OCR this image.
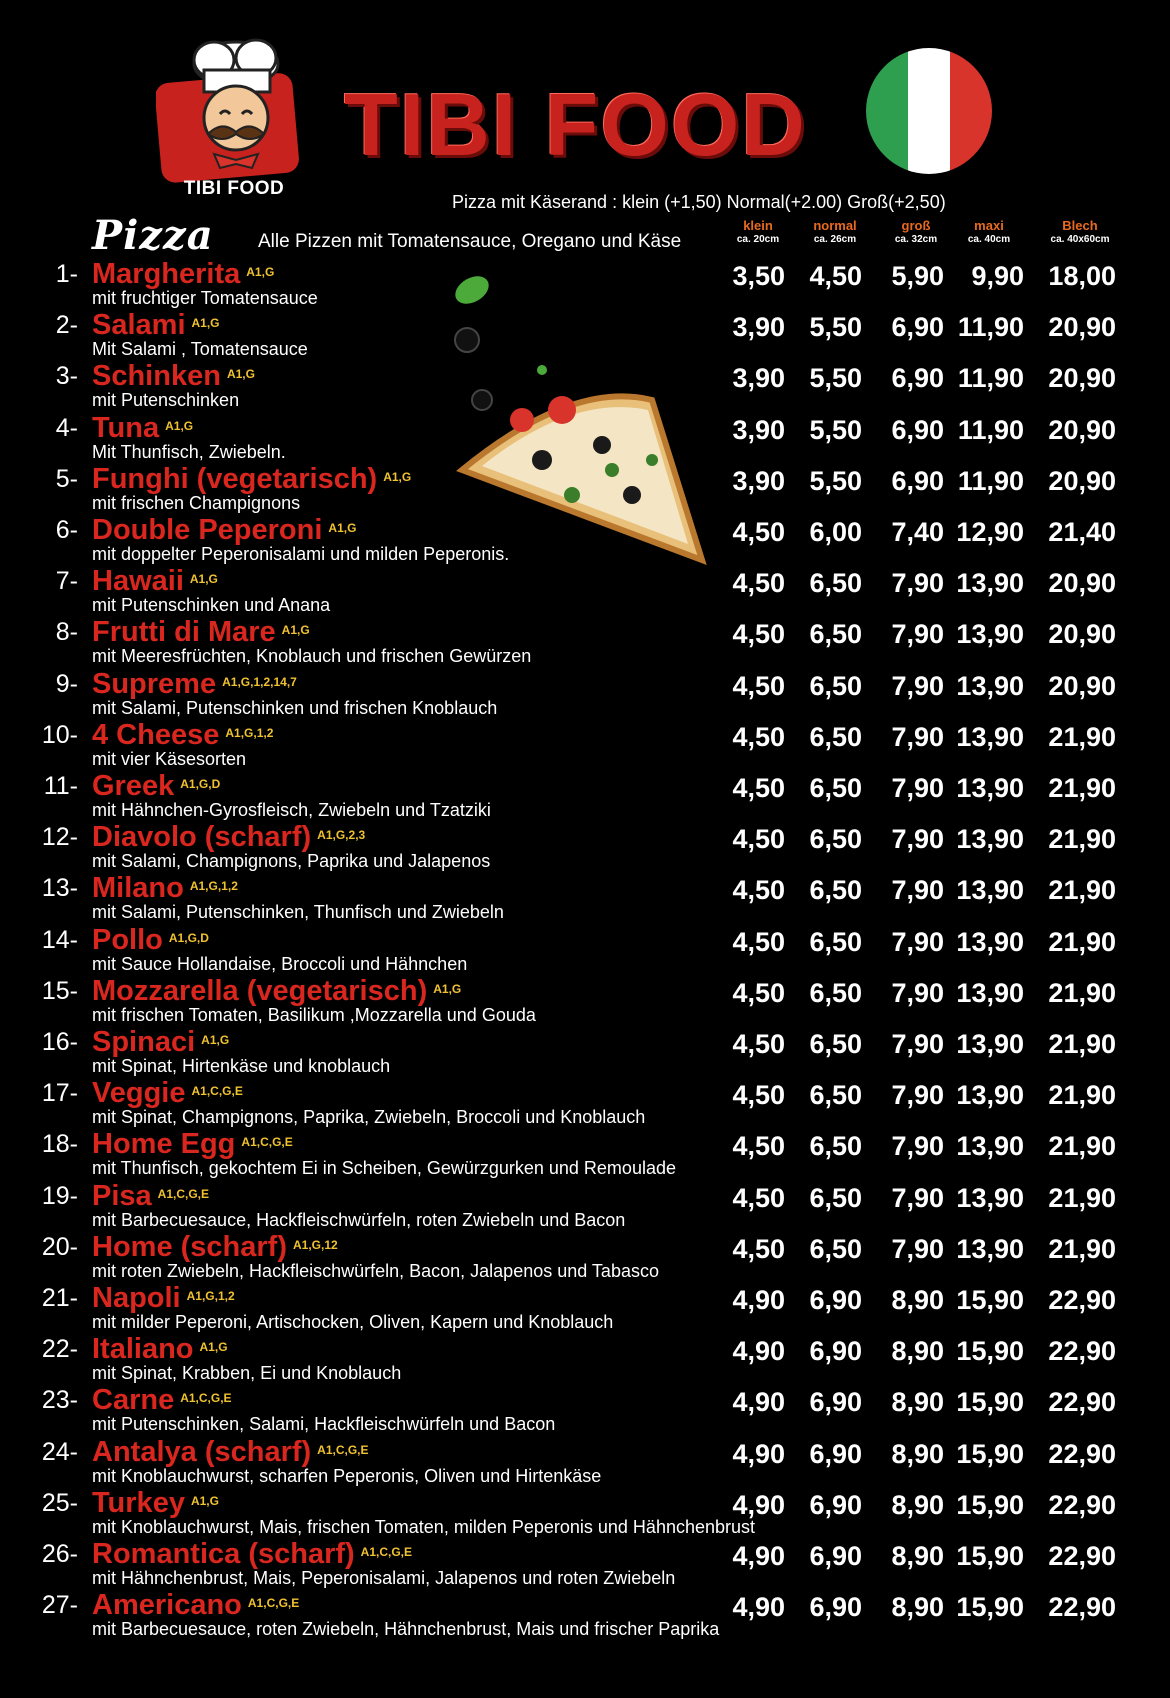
TIBI FOOD
TIBI FOOD
Pizza mit Käserand : klein (+1,50) Normal(+2.00) Groß(+2,50)
Pizza Alle Pizzen mit Tomatensauce, Oregano und Käse
klein
ca. 20cm
normal
ca. 26cm
groß
ca. 32cm
maxi
ca. 40cm
Blech
ca. 40x60cm
1- Margherita $^{A1,G}$
mit fruchtiger Tomatensauce
3,50 4,50 5,90 9,90 18,00
2- Salami $^{A1,G}$
Mit Salami , Tomatensauce
3,90 5,50 6,90 11,90 20,90
3- Schinken $^{A1,G}$
mit Putenschinken
3,90 5,50 6,90 11,90 20,90
4- Tuna $^{A1,G}$
Mit Thunfisch, Zwiebeln.
3,90 5,50 6,90 11,90 20,90
5- Funghi (vegetarisch) $^{A1,G}$
mit frischen Champignons
3,90 5,50 6,90 11,90 20,90
6- Double Peperoni $^{A1,G}$
mit doppelter Peperonisalami und milden Peperonis.
4,50 6,00 7,40 12,90 21,40
7- Hawaii $^{A1,G}$
mit Putenschinken und Anana
4,50 6,50 7,90 13,90 20,90
8- Frutti di Mare $^{A1,G}$
mit Meeresfrüchten, Knoblauch und frischen Gewürzen
4,50 6,50 7,90 13,90 20,90
9- Supreme $^{A1,G,1,2,14,7}$
mit Salami, Putenschinken und frischen Knoblauch
4,50 6,50 7,90 13,90 20,90
10- 4 Cheese $^{A1,G,1,2}$
mit vier Käsesorten
4,50 6,50 7,90 13,90 21,90
11- Greek $^{A1,G,D}$
mit Hähnchen-Gyrosfleisch, Zwiebeln und Tzatziki
4,50 6,50 7,90 13,90 21,90
12- Diavolo (scharf) $^{A1,G,2,3}$
mit Salami, Champignons, Paprika und Jalapenos
4,50 6,50 7,90 13,90 21,90
13- Milano $^{A1,G,1,2}$
mit Salami, Putenschinken, Thunfisch und Zwiebeln
4,50 6,50 7,90 13,90 21,90
14- Pollo $^{A1,G,D}$
mit Sauce Hollandaise, Broccoli und Hähnchen
4,50 6,50 7,90 13,90 21,90
15- Mozzarella (vegetarisch) $^{A1,G}$
mit frischen Tomaten, Basilikum ,Mozzarella und Gouda
4,50 6,50 7,90 13,90 21,90
16- Spinaci $^{A1,G}$
mit Spinat, Hirtenkäse und knoblauch
4,50 6,50 7,90 13,90 21,90
17- Veggie $^{A1,C,G,E}$
mit Spinat, Champignons, Paprika, Zwiebeln, Broccoli und Knoblauch
4,50 6,50 7,90 13,90 21,90
18- Home Egg $^{A1,C,G,E}$
mit Thunfisch, gekochtem Ei in Scheiben, Gewürzgurken und Remoulade
4,50 6,50 7,90 13,90 21,90
19- Pisa $^{A1,C,G,E}$
mit Barbecuesauce, Hackfleischwürfeln, roten Zwiebeln und Bacon
4,50 6,50 7,90 13,90 21,90
20- Home (scharf) $^{A1,G,12}$
mit roten Zwiebeln, Hackfleischwürfeln, Bacon, Jalapenos und Tabasco
4,50 6,50 7,90 13,90 21,90
21- Napoli $^{A1,G,1,2}$
mit milder Peperoni, Artischocken, Oliven, Kapern und Knoblauch
4,90 6,90 8,90 15,90 22,90
22- Italiano $^{A1,G}$
mit Spinat, Krabben, Ei und Knoblauch
4,90 6,90 8,90 15,90 22,90
23- Carne $^{A1,C,G,E}$
mit Putenschinken, Salami, Hackfleischwürfeln und Bacon
4,90 6,90 8,90 15,90 22,90
24- Antalya (scharf) $^{A1,C,G,E}$
mit Knoblauchwurst, scharfen Peperonis, Oliven und Hirtenkäse
4,90 6,90 8,90 15,90 22,90
25- Turkey $^{A1,G}$
mit Knoblauchwurst, Mais, frischen Tomaten, milden Peperonis und Hähnchenbrust
4,90 6,90 8,90 15,90 22,90
26- Romantica (scharf) $^{A1,C,G,E}$
mit Hähnchenbrust, Mais, Peperonisalami, Jalapenos und roten Zwiebeln
4,90 6,90 8,90 15,90 22,90
27- Americano $^{A1,C,G,E}$
mit Barbecuesauce, roten Zwiebeln, Hähnchenbrust, Mais und frischer Paprika
4,90 6,90 8,90 15,90 22,90
